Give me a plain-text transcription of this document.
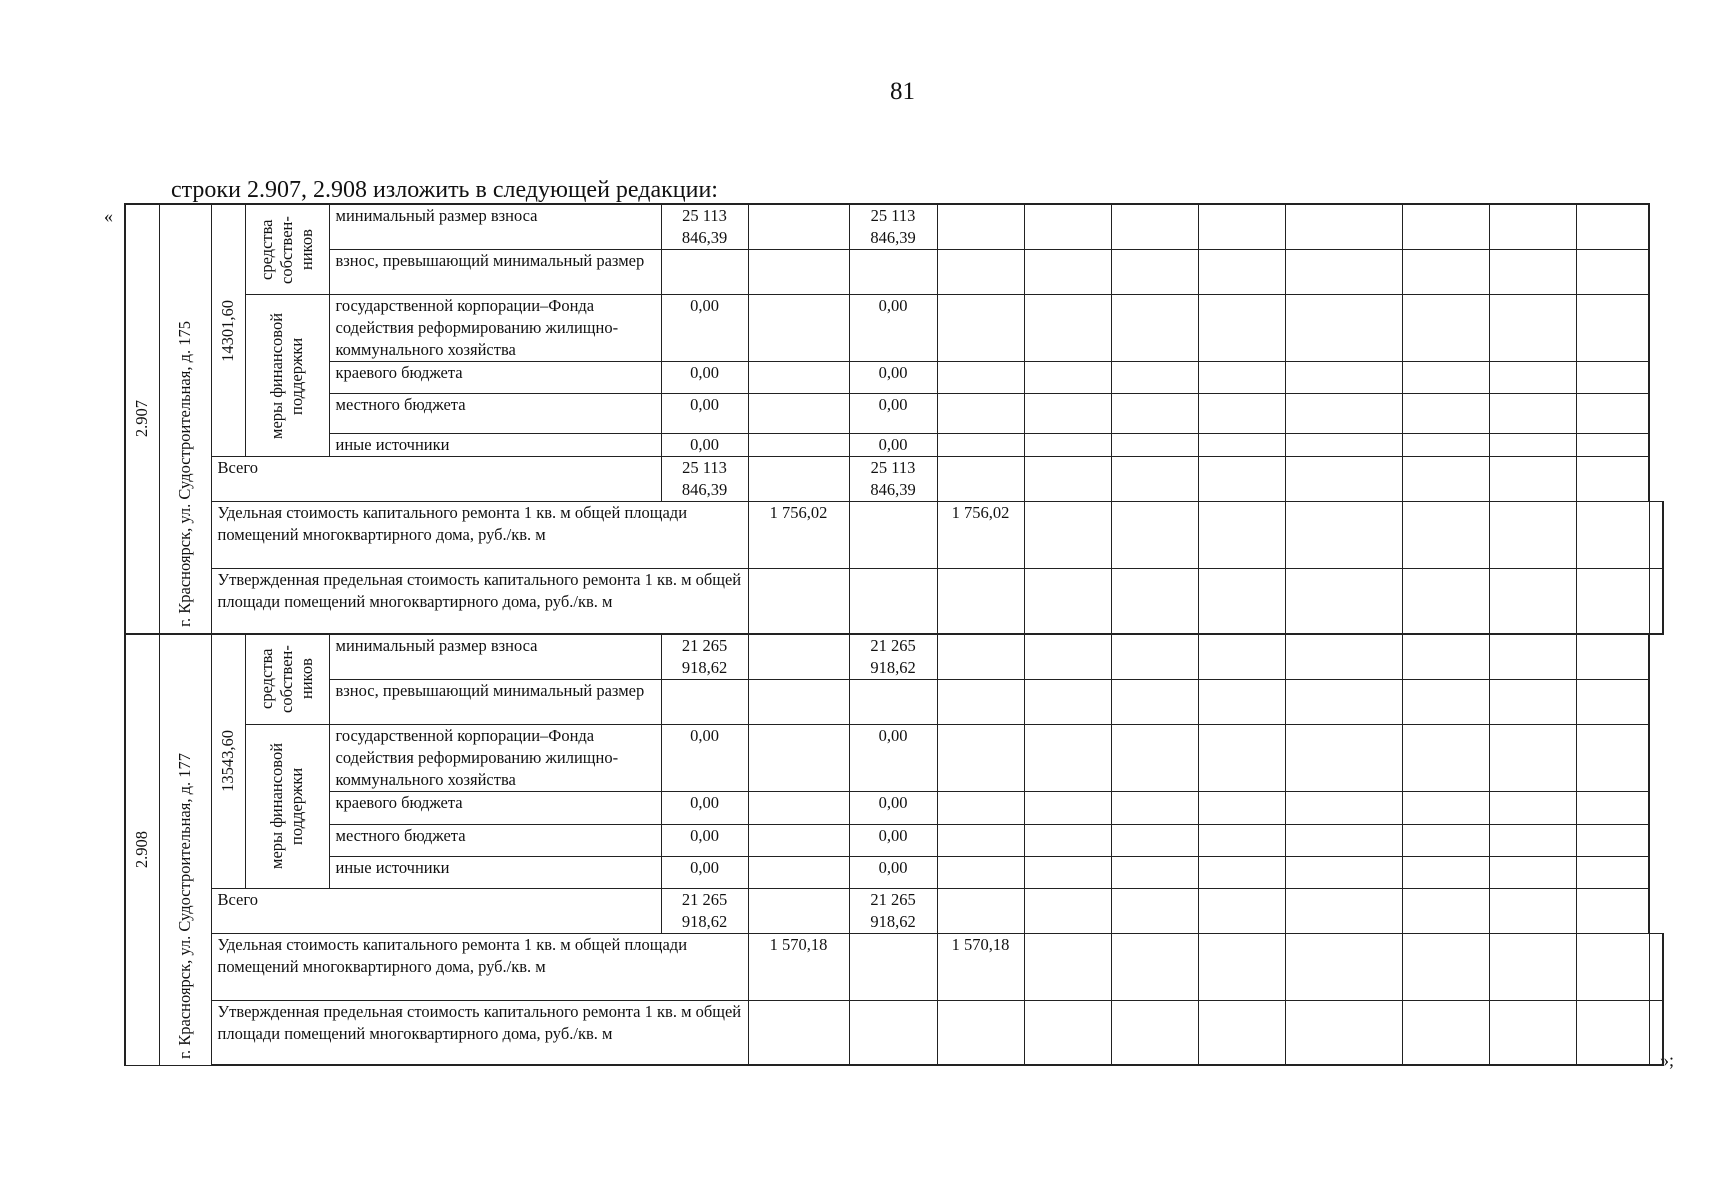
81
строки 2.907, 2.908 изложить в следующей редакции:
«
»;
2.907	г. Красноярск, ул. Судостроительная, д. 175	14301,60	средства собствен-ников	минимальный размер взноса	25 113 846,39		25 113 846,39									
				взнос, превышающий минимальный размер												

			меры финансовой поддержки	государственной корпорации–Фонда содействия реформированию жилищно-коммунального хозяйства	0,00		0,00									
				краевого бюджета	0,00		0,00									
				местного бюджета	0,00		0,00									
				иные источники	0,00		0,00									
		Всего			25 113 846,39		25 113 846,39									
		Удельная стоимость капитального ремонта 1 кв. м общей площади помещений многоквартирного дома, руб./кв. м				1 756,02		1 756,02								
		Утвержденная предельная стоимость капитального ремонта 1 кв. м общей площади помещений многоквартирного дома, руб./кв. м														

2.908	г. Красноярск, ул. Судостроительная, д. 177	13543,60	средства собствен-ников	минимальный размер взноса	21 265 918,62		21 265 918,62									
				взнос, превышающий минимальный размер												

			меры финансовой поддержки	государственной корпорации–Фонда содействия реформированию жилищно-коммунального хозяйства	0,00		0,00									
				краевого бюджета	0,00		0,00									
				местного бюджета	0,00		0,00									
				иные источники	0,00		0,00									
		Всего			21 265 918,62		21 265 918,62									
		Удельная стоимость капитального ремонта 1 кв. м общей площади помещений многоквартирного дома, руб./кв. м				1 570,18		1 570,18								
		Утвержденная предельная стоимость капитального ремонта 1 кв. м общей площади помещений многоквартирного дома, руб./кв. м														
